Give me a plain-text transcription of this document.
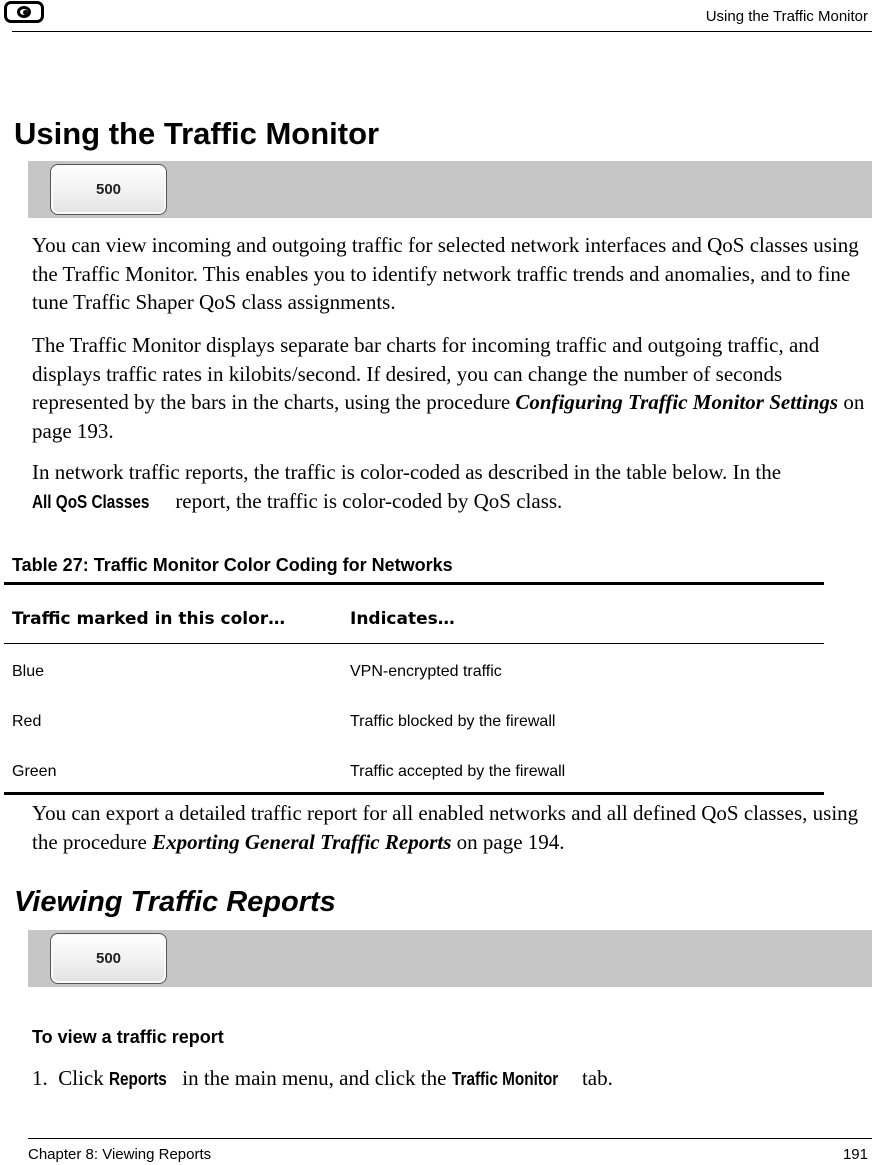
Using the Traffic Monitor
Using the Traffic Monitor
500

You can view incoming and outgoing traffic for selected network interfaces and QoS classes using the Traffic Monitor. This enables you to identify network traffic trends and anomalies, and to fine tune Traffic Shaper QoS class assignments.

The Traffic Monitor displays separate bar charts for incoming traffic and outgoing traffic, and displays traffic rates in kilobits/second. If desired, you can change the number of seconds represented by the bars in the charts, using the procedure Configuring Traffic Monitor Settings on page 193.

In network traffic reports, the traffic is color-coded as described in the table below. In the All QoS Classes report, the traffic is color-coded by QoS class.

Table 27: Traffic Monitor Color Coding for Networks
Traffic marked in this color…	Indicates…
Blue	VPN-encrypted traffic
Red	Traffic blocked by the firewall
Green	Traffic accepted by the firewall

You can export a detailed traffic report for all enabled networks and all defined QoS classes, using the procedure Exporting General Traffic Reports on page 194.

Viewing Traffic Reports
500
To view a traffic report

1. Click Reports in the main menu, and click the Traffic Monitor tab.

Chapter 8: Viewing Reports	191
